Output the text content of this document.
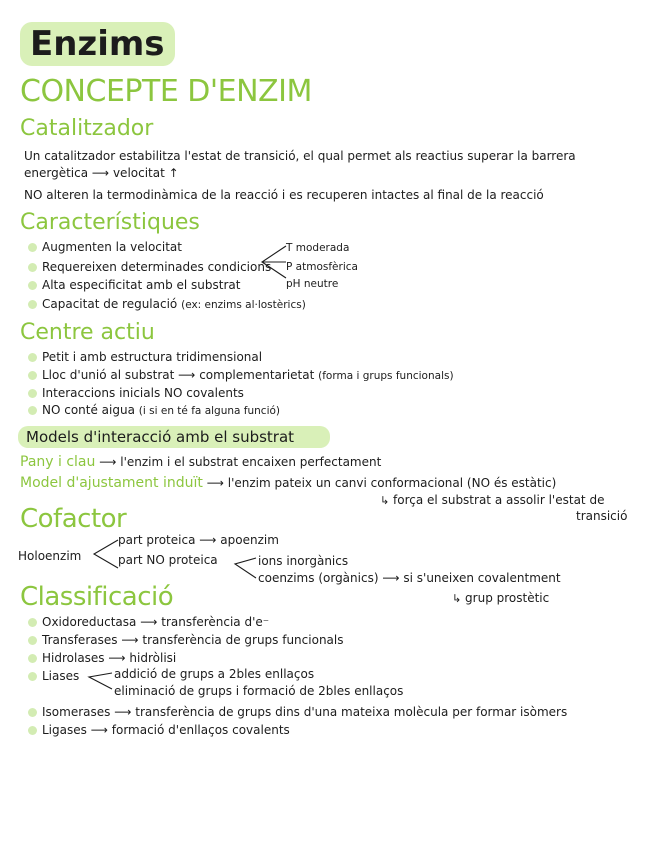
Enzims
CONCEPTE D'ENZIM
Catalitzador
Un catalitzador estabilitza l'estat de transició, el qual permet als reactius superar la barrera
energètica ⟶ velocitat ↑
NO alteren la termodinàmica de la reacció i es recuperen intactes al final de la reacció
Característiques
Augmenten la velocitat
Requereixen determinades condicions
Alta especificitat amb el substrat
Capacitat de regulació (ex: enzims al·lostèrics)
T moderada
P atmosfèrica
pH neutre
Centre actiu
Petit i amb estructura tridimensional
Lloc d'unió al substrat ⟶ complementarietat (forma i grups funcionals)
Interaccions inicials NO covalents
NO conté aigua (i si en té fa alguna funció)
Models d'interacció amb el substrat
Pany i clau ⟶ l'enzim i el substrat encaixen perfectament
Model d'ajustament induït ⟶ l'enzim pateix un canvi conformacional (NO és estàtic)
↳ força el substrat a assolir l'estat de
transició
Cofactor
Holoenzim
part proteica ⟶ apoenzim
part NO proteica	ions inorgànics
coenzims (orgànics) ⟶ si s'uneixen covalentment
↳ grup prostètic
Classificació
Oxidoreductasa ⟶ transferència d'e⁻
Transferases ⟶ transferència de grups funcionals
Hidrolases ⟶ hidròlisi
Liases	addició de grups a 2bles enllaços
eliminació de grups i formació de 2bles enllaços
Isomerases ⟶ transferència de grups dins d'una mateixa molècula per formar isòmers
Ligases ⟶ formació d'enllaços covalents
